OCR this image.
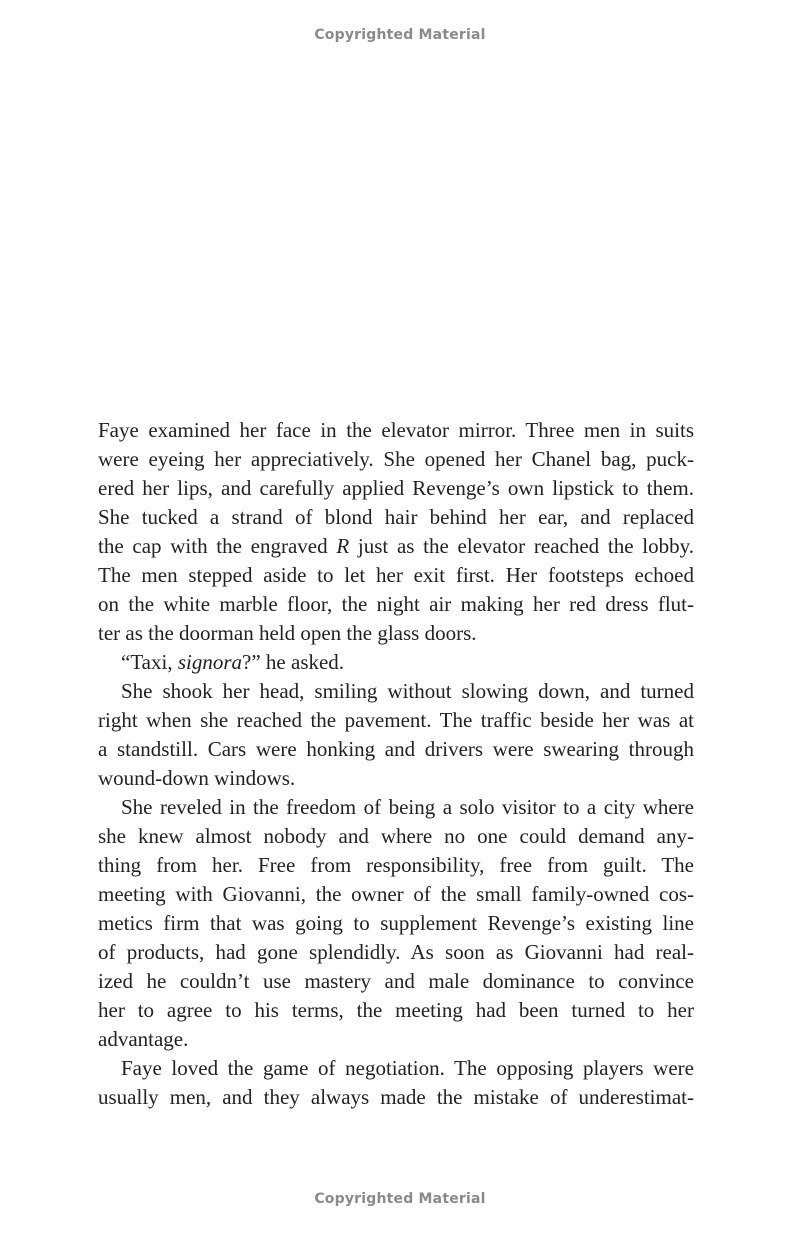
Copyrighted Material
Faye examined her face in the elevator mirror. Three men in suits
were eyeing her appreciatively. She opened her Chanel bag, puck-
ered her lips, and carefully applied Revenge’s own lipstick to them.
She tucked a strand of blond hair behind her ear, and replaced
the cap with the engraved R just as the elevator reached the lobby.
The men stepped aside to let her exit first. Her footsteps echoed
on the white marble floor, the night air making her red dress flut-
ter as the doorman held open the glass doors.
“Taxi, signora?” he asked.
She shook her head, smiling without slowing down, and turned
right when she reached the pavement. The traffic beside her was at
a standstill. Cars were honking and drivers were swearing through
wound-down windows.
She reveled in the freedom of being a solo visitor to a city where
she knew almost nobody and where no one could demand any-
thing from her. Free from responsibility, free from guilt. The
meeting with Giovanni, the owner of the small family-owned cos-
metics firm that was going to supplement Revenge’s existing line
of products, had gone splendidly. As soon as Giovanni had real-
ized he couldn’t use mastery and male dominance to convince
her to agree to his terms, the meeting had been turned to her
advantage.
Faye loved the game of negotiation. The opposing players were
usually men, and they always made the mistake of underestimat-
Copyrighted Material
